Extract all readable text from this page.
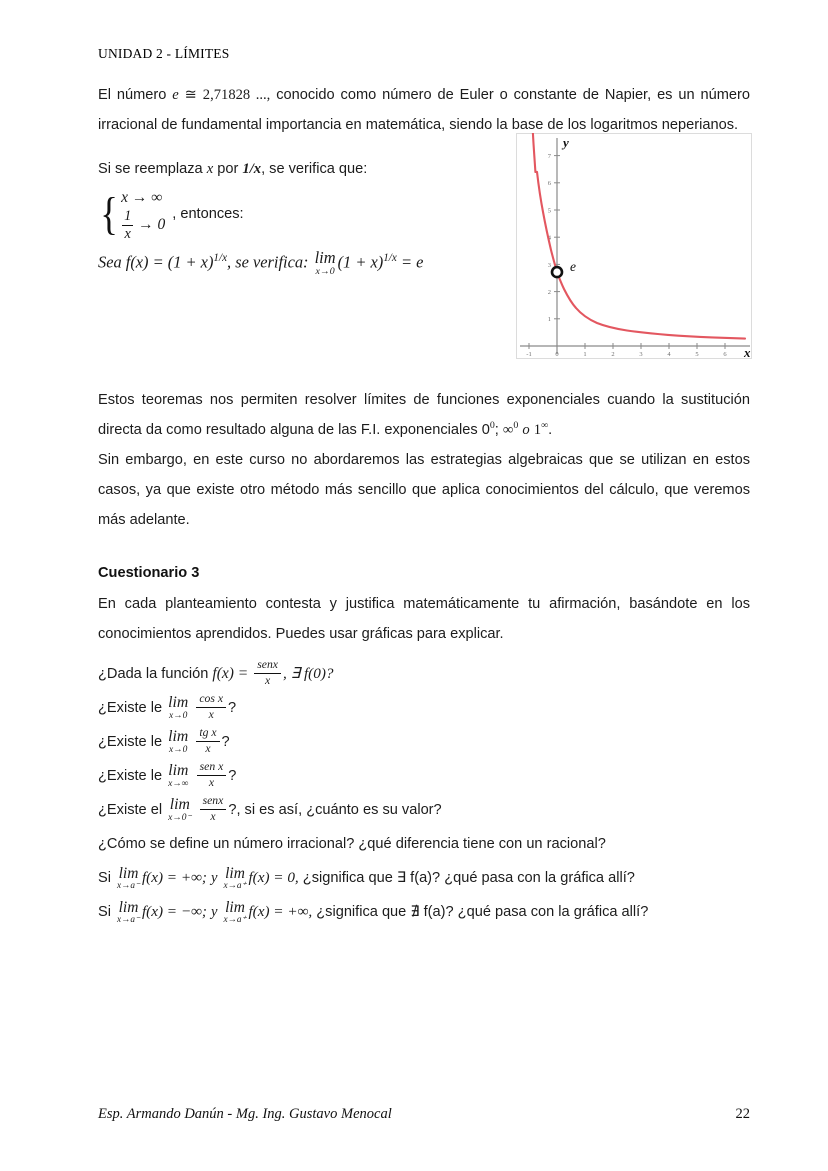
UNIDAD 2 - LÍMITES
1
2
3
4
5
6
7
-1	0	1	2	3	4	5	6
y
x
e

El número e ≅ 2,71828 ..., conocido como número de Euler o constante de Napier, es un número irracional de fundamental importancia en matemática, siendo la base de los logaritmos neperianos.

Si se reemplaza x por 1/x, se verifica que:

{ x → ∞
$\frac{1}{x} \to 0$
, entonces:
Sea $f(x) = (1 + x)^{1/x}$, se verifica: lim
x→0
$(1 + x)^{1/x} = e$

Estos teoremas nos permiten resolver límites de funciones exponenciales cuando la sustitución directa da como resultado alguna de las F.I. exponenciales $0^0$; ∞$^0$ o 1∞.

Sin embargo, en este curso no abordaremos las estrategias algebraicas que se utilizan en estos casos, ya que existe otro método más sencillo que aplica conocimientos del cálculo, que veremos más adelante.

Cuestionario 3

En cada planteamiento contesta y justifica matemáticamente tu afirmación, basándote en los conocimientos aprendidos. Puedes usar gráficas para explicar.

¿Dada la función $f(x) = \frac{\text{senx}}{x}$ , ∃ f(0)?
¿Existe le lim
x→0
$\frac{\text{cos x}}{x}$ ?
¿Existe le lim
x→0
$\frac{\text{tg x}}{x}$ ?
¿Existe le lim
x→∞
$\frac{\text{sen x}}{x}$ ?
¿Existe el lim
x→0⁻
$\frac{\text{senx}}{x}$ ?, si es así, ¿cuánto es su valor?
¿Cómo se define un número irracional? ¿qué diferencia tiene con un racional?
Si lim
x→a⁻ f(x) = +∞; y lim
x→a⁺ f(x) = 0, ¿significa que ∃ f(a)? ¿qué pasa con la gráfica allí?
Si lim
x→a⁻ f(x) = −∞; y lim
x→a⁺ f(x) = +∞, ¿significa que ∄ f(a)? ¿qué pasa con la gráfica allí?
Esp. Armando Danún - Mg. Ing. Gustavo Menocal	22
